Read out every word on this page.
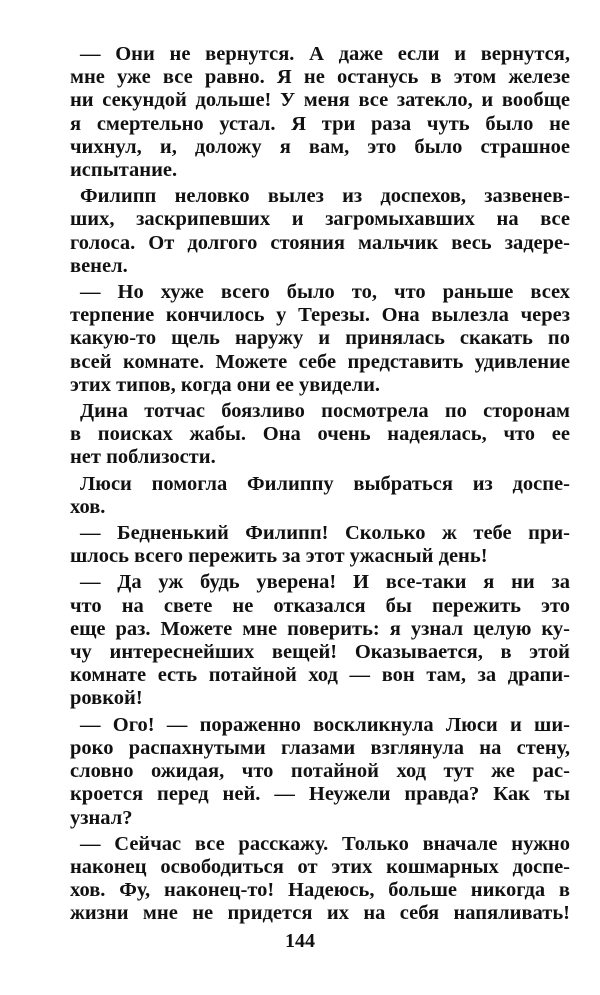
— Они не вернутся. А даже если и вернутся,
мне уже все равно. Я не останусь в этом железе
ни секундой дольше! У меня все затекло, и вообще
я смертельно устал. Я три раза чуть было не
чихнул, и, доложу я вам, это было страшное
испытание.
Филипп неловко вылез из доспехов, зазвенев-
ших, заскрипевших и загромыхавших на все
голоса. От долгого стояния мальчик весь задере-
венел.
— Но хуже всего было то, что раньше всех
терпение кончилось у Терезы. Она вылезла через
какую-то щель наружу и принялась скакать по
всей комнате. Можете себе представить удивление
этих типов, когда они ее увидели.
Дина тотчас боязливо посмотрела по сторонам
в поисках жабы. Она очень надеялась, что ее
нет поблизости.
Люси помогла Филиппу выбраться из доспе-
хов.
— Бедненький Филипп! Сколько ж тебе при-
шлось всего пережить за этот ужасный день!
— Да уж будь уверена! И все-таки я ни за
что на свете не отказался бы пережить это
еще раз. Можете мне поверить: я узнал целую ку-
чу интереснейших вещей! Оказывается, в этой
комнате есть потайной ход — вон там, за драпи-
ровкой!
— Ого! — пораженно воскликнула Люси и ши-
роко распахнутыми глазами взглянула на стену,
словно ожидая, что потайной ход тут же рас-
кроется перед ней. — Неужели правда? Как ты
узнал?
— Сейчас все расскажу. Только вначале нужно
наконец освободиться от этих кошмарных доспе-
хов. Фу, наконец-то! Надеюсь, больше никогда в
жизни мне не придется их на себя напяливать!
144
